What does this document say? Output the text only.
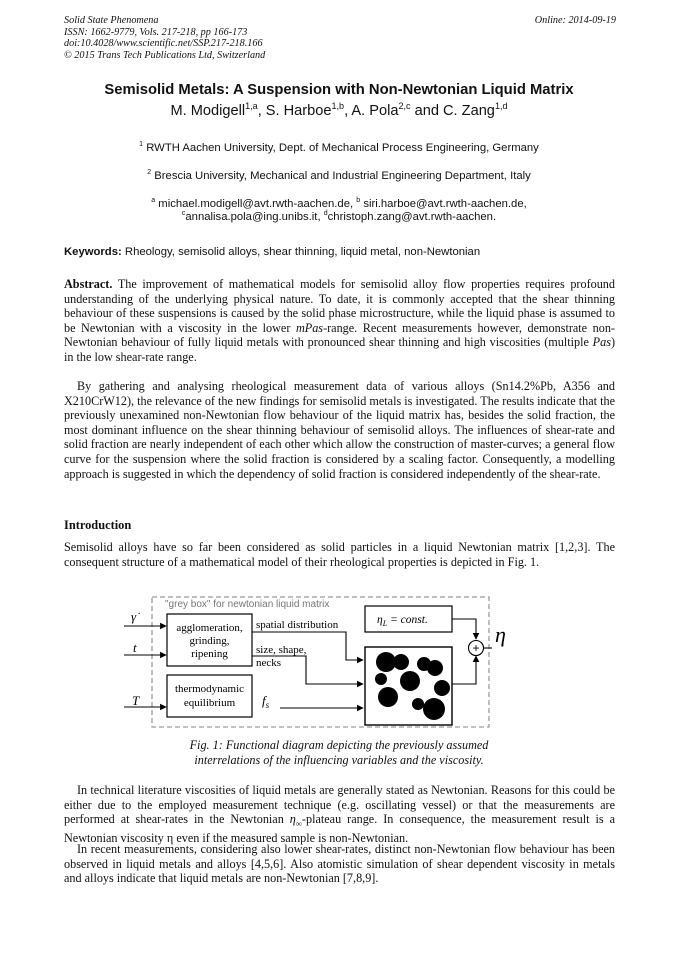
Solid State Phenomena
ISSN: 1662-9779, Vols. 217-218, pp 166-173
doi:10.4028/www.scientific.net/SSP.217-218.166
© 2015 Trans Tech Publications Ltd, Switzerland
Online: 2014-09-19
Semisolid Metals: A Suspension with Non-Newtonian Liquid Matrix
M. Modigell$^{1,a}$, S. Harboe$^{1,b}$, A. Pola$^{2,c}$ and C. Zang$^{1,d}$
$^1$ RWTH Aachen University, Dept. of Mechanical Process Engineering, Germany
$^2$ Brescia University, Mechanical and Industrial Engineering Department, Italy
$^a$ michael.modigell@avt.rwth-aachen.de, $^b$ siri.harboe@avt.rwth-aachen.de,
$^c$annalisa.pola@ing.unibs.it, $^d$christoph.zang@avt.rwth-aachen.
Keywords: Rheology, semisolid alloys, shear thinning, liquid metal, non-Newtonian
Abstract. The improvement of mathematical models for semisolid alloy flow properties requires profound understanding of the underlying physical nature. To date, it is commonly accepted that the shear thinning behaviour of these suspensions is caused by the solid phase microstructure, while the liquid phase is assumed to be Newtonian with a viscosity in the lower mPas-range. Recent measurements however, demonstrate non-Newtonian behaviour of fully liquid metals with pronounced shear thinning and high viscosities (multiple Pas) in the low shear-rate range.
By gathering and analysing rheological measurement data of various alloys (Sn14.2%Pb, A356 and X210CrW12), the relevance of the new findings for semisolid metals is investigated. The results indicate that the previously unexamined non-Newtonian flow behaviour of the liquid matrix has, besides the solid fraction, the most dominant influence on the shear thinning behaviour of semisolid alloys. The influences of shear-rate and solid fraction are nearly independent of each other which allow the construction of master-curves; a general flow curve for the suspension where the solid fraction is considered by a scaling factor. Consequently, a modelling approach is suggested in which the dependency of solid fraction is considered independently of the shear-rate.
Introduction
Semisolid alloys have so far been considered as solid particles in a liquid Newtonian matrix [1,2,3]. The consequent structure of a mathematical model of their rheological properties is depicted in Fig. 1.
"grey box" for newtonian liquid matrix
γ̇
t
T
agglomeration,
grinding,
ripening
thermodynamic
equilibrium
spatial distribution
size, shape,
necks
$f_s$
$\eta_L$ = const.
+
η
Fig. 1: Functional diagram depicting the previously assumed
interrelations of the influencing variables and the viscosity.
In technical literature viscosities of liquid metals are generally stated as Newtonian. Reasons for this could be either due to the employed measurement technique (e.g. oscillating vessel) or that the measurements are performed at shear-rates in the Newtonian $\eta_\infty$-plateau range. In consequence, the measurement result is a Newtonian viscosity η even if the measured sample is non-Newtonian.
In recent measurements, considering also lower shear-rates, distinct non-Newtonian flow behaviour has been observed in liquid metals and alloys [4,5,6]. Also atomistic simulation of shear dependent viscosity in metals and alloys indicate that liquid metals are non-Newtonian [7,8,9].
